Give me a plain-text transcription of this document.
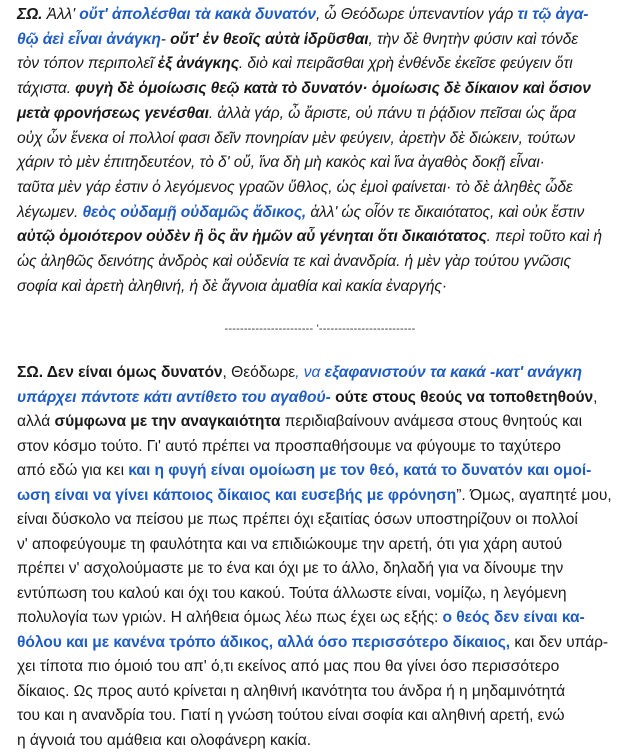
ΣΩ. Ἀλλ' οὔτ' ἀπολέσθαι τὰ κακὰ δυνατόν, ὦ Θεόδωρε ὑπεναντίον γάρ τι τῷ ἀγα-
θῷ ἀεὶ εἶναι ἀνάγκη- οὔτ' ἐν θεοῖς αὐτὰ ἱδρῦσθαι, τὴν δὲ θνητὴν φύσιν καὶ τόνδε
τὸν τόπον περιπολεῖ ἐξ ἀνάγκης. διὸ καὶ πειρᾶσθαι χρὴ ἐνθένδε ἐκεῖσε φεύγειν ὅτι
τάχιστα. φυγὴ δὲ ὁμοίωσις θεῷ κατὰ τὸ δυνατόν· ὁμοίωσις δὲ δίκαιον καὶ ὅσιον
μετὰ φρονήσεως γενέσθαι. ἀλλὰ γάρ, ὦ ἄριστε, οὐ πάνυ τι ῥᾴδιον πεῖσαι ὡς ἄρα
οὐχ ὧν ἕνεκα οἱ πολλοί φασι δεῖν πονηρίαν μὲν φεύγειν, ἀρετὴν δὲ διώκειν, τούτων
χάριν τὸ μὲν ἐπιτηδευτέον, τὸ δ' οὔ, ἵνα δὴ μὴ κακὸς καὶ ἵνα ἀγαθὸς δοκῇ εἶναι·
ταῦτα μὲν γάρ ἐστιν ὁ λεγόμενος γραῶν ὕθλος, ὡς ἐμοὶ φαίνεται· τὸ δὲ ἀληθὲς ὧδε
λέγωμεν. θεὸς οὐδαμῇ οὐδαμῶς ἄδικος, ἀλλ' ὡς οἷόν τε δικαιότατος, καὶ οὐκ ἔστιν
αὐτῷ ὁμοιότερον οὐδὲν ἢ ὃς ἂν ἡμῶν αὖ γένηται ὅτι δικαιότατος. περὶ τοῦτο καὶ ἡ
ὡς ἀληθῶς δεινότης ἀνδρὸς καὶ οὐδενία τε καὶ ἀνανδρία. ἡ μὲν γὰρ τούτου γνῶσις
σοφία καὶ ἀρετὴ ἀληθινή, ἡ δὲ ἄγνοια ἀμαθία καὶ κακία ἐναργής·

----------------------- '-------------------------

ΣΩ. Δεν είναι όμως δυνατόν, Θεόδωρε, να εξαφανιστούν τα κακά -κατ' ανάγκη
υπάρχει πάντοτε κάτι αντίθετο του αγαθού- ούτε στους θεούς να τοποθετηθούν,
αλλά σύμφωνα με την αναγκαιότητα περιδιαβαίνουν ανάμεσα στους θνητούς και
στον κόσμο τούτο. Γι' αυτό πρέπει να προσπαθήσουμε να φύγουμε το ταχύτερο
από εδώ για κει και η φυγή είναι ομοίωση με τον θεό, κατά το δυνατόν και ομοί-
ωση είναι να γίνει κάποιος δίκαιος και ευσεβής με φρόνηση”. Όμως, αγαπητέ μου,
είναι δύσκολο να πείσου με πως πρέπει όχι εξαιτίας όσων υποστηρίζουν οι πολλοί
ν' αποφεύγουμε τη φαυλότητα και να επιδιώκουμε την αρετή, ότι για χάρη αυτού
πρέπει ν' ασχολούμαστε με το ένα και όχι με το άλλο, δηλαδή για να δίνουμε την
εντύπωση του καλού και όχι του κακού. Τούτα άλλωστε είναι, νομίζω, η λεγόμενη
πολυλογία των γριών. Η αλήθεια όμως λέω πως έχει ως εξής: ο θεός δεν είναι κα-
θόλου και με κανένα τρόπο άδικος, αλλά όσο περισσότερο δίκαιος, και δεν υπάρ-
χει τίποτα πιο όμοιό του απ' ό,τι εκείνος από μας που θα γίνει όσο περισσότερο
δίκαιος. Ως προς αυτό κρίνεται η αληθινή ικανότητα του άνδρα ή η μηδαμινότητά
του και η ανανδρία του. Γιατί η γνώση τούτου είναι σοφία και αληθινή αρετή, ενώ
η άγνοιά του αμάθεια και ολοφάνερη κακία.
